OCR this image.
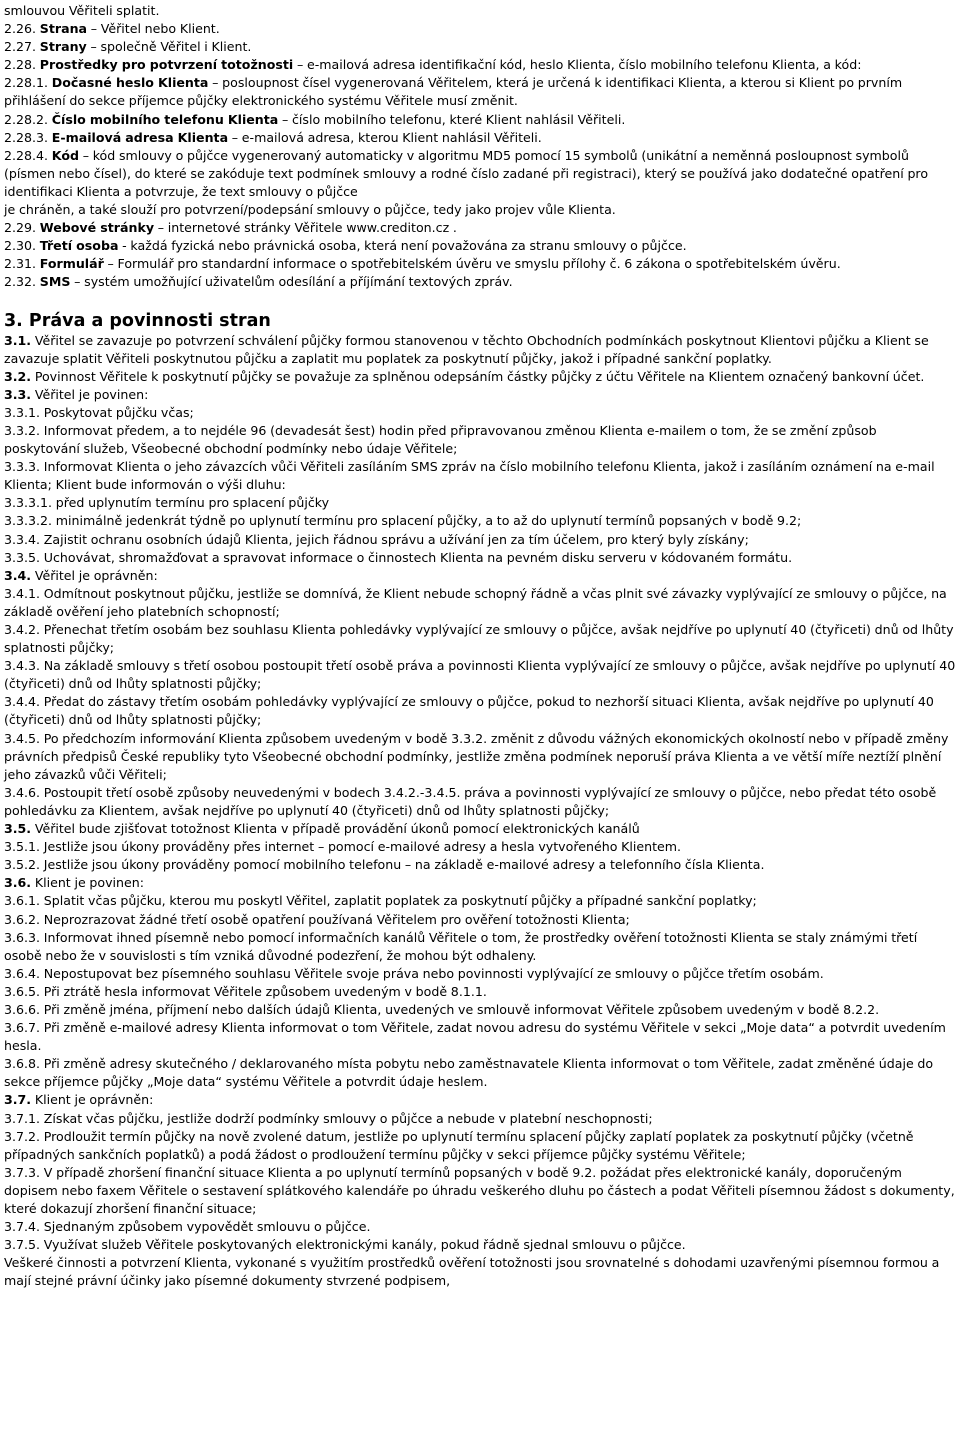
smlouvou Věřiteli splatit.

2.26. Strana – Věřitel nebo Klient.

2.27. Strany – společně Věřitel i Klient.

2.28. Prostředky pro potvrzení totožnosti – e-mailová adresa identifikační kód, heslo Klienta, číslo mobilního telefonu Klienta, a kód:

2.28.1. Dočasné heslo Klienta – posloupnost čísel vygenerovaná Věřitelem, která je určená k identifikaci Klienta, a kterou si Klient po prvním přihlášení do sekce příjemce půjčky elektronického systému Věřitele musí změnit.

2.28.2. Číslo mobilního telefonu Klienta – číslo mobilního telefonu, které Klient nahlásil Věřiteli.

2.28.3. E-mailová adresa Klienta – e-mailová adresa, kterou Klient nahlásil Věřiteli.

2.28.4. Kód – kód smlouvy o půjčce vygenerovaný automaticky v algoritmu MD5 pomocí 15 symbolů (unikátní a neměnná posloupnost symbolů (písmen nebo čísel), do které se zakóduje text podmínek smlouvy a rodné číslo zadané při registraci), který se používá jako dodatečné opatření pro identifikaci Klienta a potvrzuje, že text smlouvy o půjčce

je chráněn, a také slouží pro potvrzení/podepsání smlouvy o půjčce, tedy jako projev vůle Klienta.

2.29. Webové stránky – internetové stránky Věřitele www.crediton.cz .

2.30. Třetí osoba - každá fyzická nebo právnická osoba, která není považována za stranu smlouvy o půjčce.

2.31. Formulář – Formulář pro standardní informace o spotřebitelském úvěru ve smyslu přílohy č. 6 zákona o spotřebitelském úvěru.

2.32. SMS – systém umožňující uživatelům odesílání a příjímání textových zpráv.

3. Práva a povinnosti stran

3.1. Věřitel se zavazuje po potvrzení schválení půjčky formou stanovenou v těchto Obchodních podmínkách poskytnout Klientovi půjčku a Klient se zavazuje splatit Věřiteli poskytnutou půjčku a zaplatit mu poplatek za poskytnutí půjčky, jakož i případné sankční poplatky.

3.2. Povinnost Věřitele k poskytnutí půjčky se považuje za splněnou odepsáním částky půjčky z účtu Věřitele na Klientem označený bankovní účet.

3.3. Věřitel je povinen:

3.3.1. Poskytovat půjčku včas;

3.3.2. Informovat předem, a to nejdéle 96 (devadesát šest) hodin před připravovanou změnou Klienta e-mailem o tom, že se změní způsob poskytování služeb, Všeobecné obchodní podmínky nebo údaje Věřitele;

3.3.3. Informovat Klienta o jeho závazcích vůči Věřiteli zasíláním SMS zpráv na číslo mobilního telefonu Klienta, jakož i zasíláním oznámení na e-mail Klienta; Klient bude informován o výši dluhu:

3.3.3.1. před uplynutím termínu pro splacení půjčky

3.3.3.2. minimálně jedenkrát týdně po uplynutí termínu pro splacení půjčky, a to až do uplynutí termínů popsaných v bodě 9.2;

3.3.4. Zajistit ochranu osobních údajů Klienta, jejich řádnou správu a užívání jen za tím účelem, pro který byly získány;

3.3.5. Uchovávat, shromažďovat a spravovat informace o činnostech Klienta na pevném disku serveru v kódovaném formátu.

3.4. Věřitel je oprávněn:

3.4.1. Odmítnout poskytnout půjčku, jestliže se domnívá, že Klient nebude schopný řádně a včas plnit své závazky vyplývající ze smlouvy o půjčce, na základě ověření jeho platebních schopností;

3.4.2. Přenechat třetím osobám bez souhlasu Klienta pohledávky vyplývající ze smlouvy o půjčce, avšak nejdříve po uplynutí 40 (čtyřiceti) dnů od lhůty splatnosti půjčky;

3.4.3. Na základě smlouvy s třetí osobou postoupit třetí osobě práva a povinnosti Klienta vyplývající ze smlouvy o půjčce, avšak nejdříve po uplynutí 40 (čtyřiceti) dnů od lhůty splatnosti půjčky;

3.4.4. Předat do zástavy třetím osobám pohledávky vyplývající ze smlouvy o půjčce, pokud to nezhorší situaci Klienta, avšak nejdříve po uplynutí 40 (čtyřiceti) dnů od lhůty splatnosti půjčky;

3.4.5. Po předchozím informování Klienta způsobem uvedeným v bodě 3.3.2. změnit z důvodu vážných ekonomických okolností nebo v případě změny právních předpisů České republiky tyto Všeobecné obchodní podmínky, jestliže změna podmínek neporuší práva Klienta a ve větší míře neztíží plnění jeho závazků vůči Věřiteli;

3.4.6. Postoupit třetí osobě způsoby neuvedenými v bodech 3.4.2.-3.4.5. práva a povinnosti vyplývající ze smlouvy o půjčce, nebo předat této osobě pohledávku za Klientem, avšak nejdříve po uplynutí 40 (čtyřiceti) dnů od lhůty splatnosti půjčky;

3.5. Věřitel bude zjišťovat totožnost Klienta v případě provádění úkonů pomocí elektronických kanálů

3.5.1. Jestliže jsou úkony prováděny přes internet – pomocí e-mailové adresy a hesla vytvořeného Klientem.

3.5.2. Jestliže jsou úkony prováděny pomocí mobilního telefonu – na základě e-mailové adresy a telefonního čísla Klienta.

3.6. Klient je povinen:

3.6.1. Splatit včas půjčku, kterou mu poskytl Věřitel, zaplatit poplatek za poskytnutí půjčky a případné sankční poplatky;

3.6.2. Neprozrazovat žádné třetí osobě opatření používaná Věřitelem pro ověření totožnosti Klienta;

3.6.3. Informovat ihned písemně nebo pomocí informačních kanálů Věřitele o tom, že prostředky ověření totožnosti Klienta se staly známými třetí osobě nebo že v souvislosti s tím vzniká důvodné podezření, že mohou být odhaleny.

3.6.4. Nepostupovat bez písemného souhlasu Věřitele svoje práva nebo povinnosti vyplývající ze smlouvy o půjčce třetím osobám.

3.6.5. Při ztrátě hesla informovat Věřitele způsobem uvedeným v bodě 8.1.1.

3.6.6. Při změně jména, příjmení nebo dalších údajů Klienta, uvedených ve smlouvě informovat Věřitele způsobem uvedeným v bodě 8.2.2.

3.6.7. Při změně e-mailové adresy Klienta informovat o tom Věřitele, zadat novou adresu do systému Věřitele v sekci „Moje data“ a potvrdit uvedením hesla.

3.6.8. Při změně adresy skutečného / deklarovaného místa pobytu nebo zaměstnavatele Klienta informovat o tom Věřitele, zadat změněné údaje do sekce příjemce půjčky „Moje data“ systému Věřitele a potvrdit údaje heslem.

3.7. Klient je oprávněn:

3.7.1. Získat včas půjčku, jestliže dodrží podmínky smlouvy o půjčce a nebude v platební neschopnosti;

3.7.2. Prodloužit termín půjčky na nově zvolené datum, jestliže po uplynutí termínu splacení půjčky zaplatí poplatek za poskytnutí půjčky (včetně případných sankčních poplatků) a podá žádost o prodloužení termínu půjčky v sekci příjemce půjčky systému Věřitele;

3.7.3. V případě zhoršení finanční situace Klienta a po uplynutí termínů popsaných v bodě 9.2. požádat přes elektronické kanály, doporučeným dopisem nebo faxem Věřitele o sestavení splátkového kalendáře po úhradu veškerého dluhu po částech a podat Věřiteli písemnou žádost s dokumenty, které dokazují zhoršení finanční situace;

3.7.4. Sjednaným způsobem vypovědět smlouvu o půjčce.

3.7.5. Využívat služeb Věřitele poskytovaných elektronickými kanály, pokud řádně sjednal smlouvu o půjčce.

Veškeré činnosti a potvrzení Klienta, vykonané s využitím prostředků ověření totožnosti jsou srovnatelné s dohodami uzavřenými písemnou formou a mají stejné právní účinky jako písemné dokumenty stvrzené podpisem,
